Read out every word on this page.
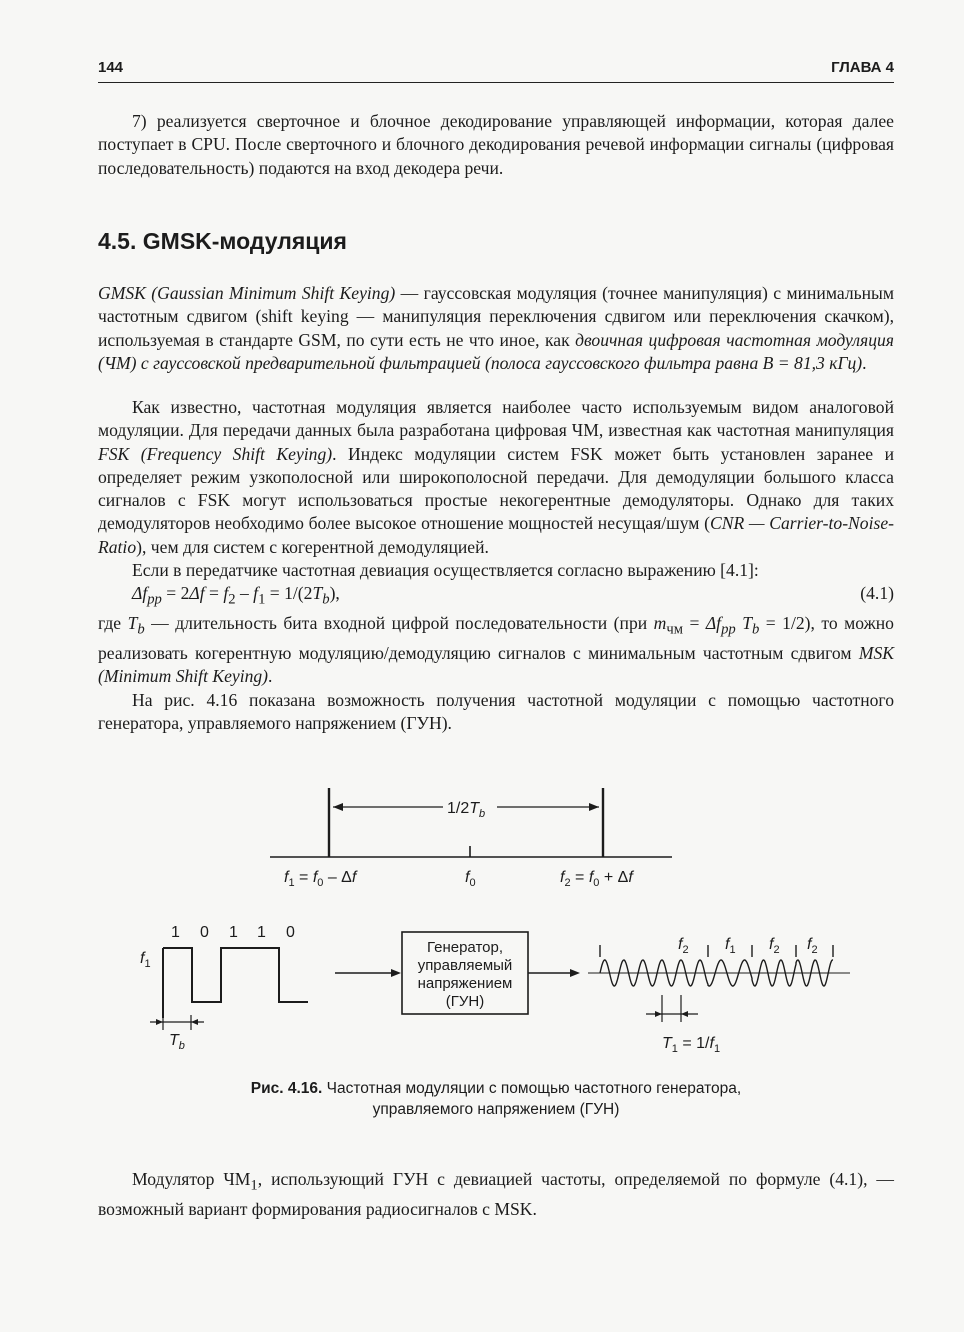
144	ГЛАВА 4

7) реализуется сверточное и блочное декодирование управляющей информации, которая далее поступает в CPU. После сверточного и блочного декодирования речевой информации сигналы (цифровая последовательность) подаются на вход декодера речи.

4.5. GMSK-модуляция

GMSK (Gaussian Minimum Shift Keying) — гауссовская модуляция (точнее манипуляция) с минимальным частотным сдвигом (shift keying — манипуляция переключения сдвигом или переключения скачком), используемая в стандарте GSM, по сути есть не что иное, как двоичная цифровая частотная модуляция (ЧМ) с гауссовской предварительной фильтрацией (полоса гауссовского фильтра равна B = 81,3 кГц).

Как известно, частотная модуляция является наиболее часто используемым видом аналоговой модуляции. Для передачи данных была разработана цифровая ЧМ, известная как частотная манипуляция FSK (Frequency Shift Keying). Индекс модуляции систем FSK может быть установлен заранее и определяет режим узкополосной или широкополосной передачи. Для демодуляции большого класса сигналов с FSK могут использоваться простые некогерентные демодуляторы. Однако для таких демодуляторов необходимо более высокое отношение мощностей несущая/шум (CNR — Carrier-to-Noise-Ratio), чем для систем с когерентной демодуляцией.

Если в передатчике частотная девиация осуществляется согласно выражению [4.1]:

$\Delta f_{pp} = 2\Delta f = f_2 - f_1 = 1/(2T_b)$,	(4.1)

где $T_b$ — длительность бита входной цифрой последовательности (при $m_{чм} = \Delta f_{pp}$ $T_b = 1/2$), то можно реализовать когерентную модуляцию/демодуляцию сигналов с минимальным частотным сдвигом MSK (Minimum Shift Keying).

На рис. 4.16 показана возможность получения частотной модуляции с помощью частотного генератора, управляемого напряжением (ГУН).

$1/2T_b$
$f_1 = f_0 - \Delta f$	$f_0$	$f_2 = f_0 + \Delta f$
1 0 1 1 0
$f_1$
$T_b$
Генератор,
управляемый
напряжением
(ГУН)
$f_2$ $f_1$ $f_2$ $f_2$
$T_1 = 1/f_1$
Рис. 4.16. Частотная модуляции с помощью частотного генератора,
управляемого напряжением (ГУН)

Модулятор $ЧМ_1$, использующий ГУН с девиацией частоты, определяемой по формуле (4.1), — возможный вариант формирования радиосигналов с MSK.
